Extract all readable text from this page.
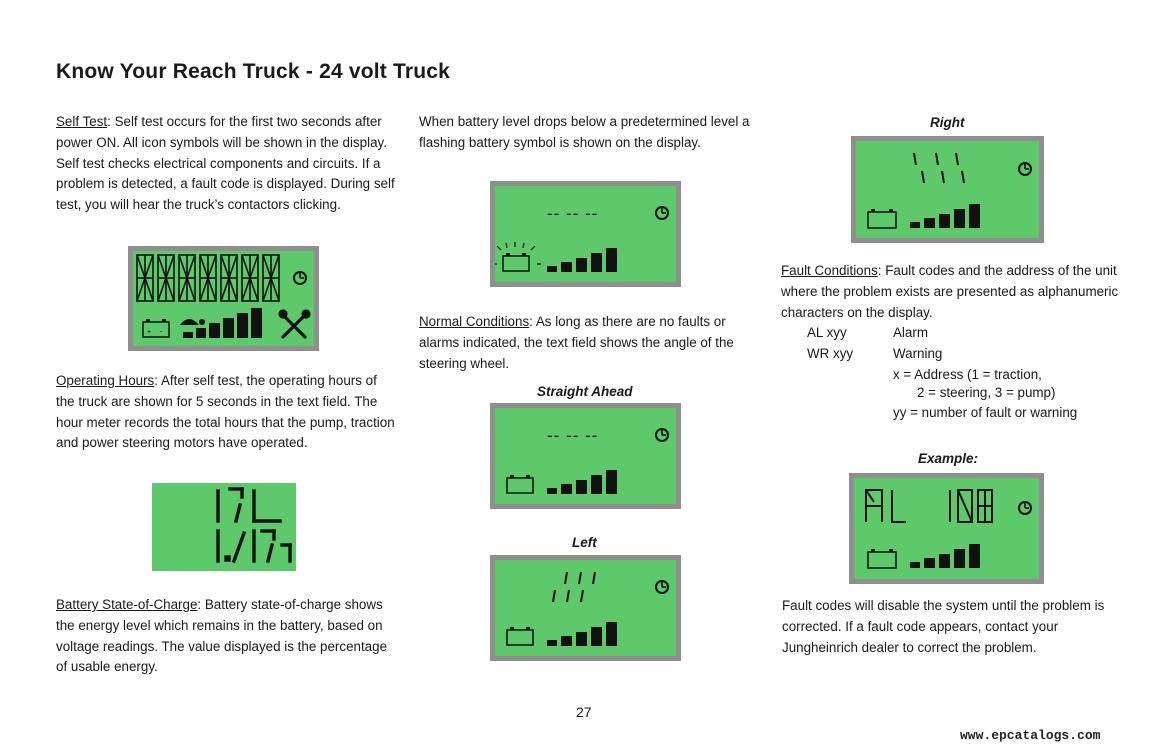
Know Your Reach Truck - 24 volt Truck
Self Test: Self test occurs for the first two seconds after power ON. All icon symbols will be shown in the display. Self test checks electrical components and circuits. If a problem is detected, a fault code is displayed. During self test, you will hear the truck’s contactors clicking.
+ -
Operating Hours: After self test, the operating hours of the truck are shown for 5 seconds in the text field. The hour meter records the total hours that the pump, traction and power steering motors have operated.
Battery State-of-Charge: Battery state-of-charge shows the energy level which remains in the battery, based on voltage readings. The value displayed is the percentage of usable energy.
When battery level drops below a predetermined level a flashing battery symbol is shown on the display.
-- -- --
Normal Conditions: As long as there are no faults or alarms indicated, the text field shows the angle of the steering wheel.
Straight Ahead
-- -- --
Left
Right
Fault Conditions: Fault codes and the address of the unit where the problem exists are presented as alphanumeric characters on the display.
AL xyy	Alarm
WR xyy	Warning
x = Address (1 = traction,
2 = steering, 3 = pump)
yy = number of fault or warning
Example:
Fault codes will disable the system until the problem is corrected. If a fault code appears, contact your Jungheinrich dealer to correct the problem.
27
www.epcatalogs.com
